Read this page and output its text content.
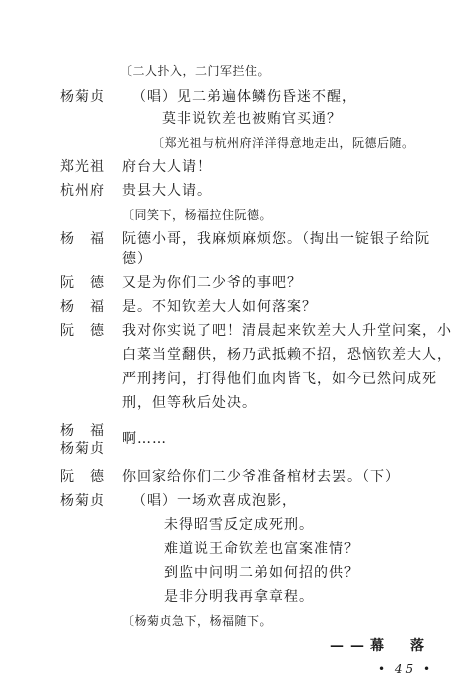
〔二人扑入，二门军拦住。
杨菊贞 （唱）见二弟遍体鳞伤昏迷不醒，
莫非说钦差也被贿官买通？
〔郑光祖与杭州府洋洋得意地走出，阮德后随。
郑光祖 府台大人请！
杭州府 贵县大人请。
〔同笑下，杨福拉住阮德。
杨　福 阮德小哥，我麻烦麻烦您。（掏出一锭银子给阮
德）
阮　德 又是为你们二少爷的事吧？
杨　福 是。不知钦差大人如何落案？
阮　德 我对你实说了吧！清晨起来钦差大人升堂问案，小
白菜当堂翻供，杨乃武抵赖不招，恐恼钦差大人，
严刑拷问，打得他们血肉皆飞，如今已然问成死
刑，但等秋后处决。
杨　福
杨菊贞
啊……
阮　德 你回家给你们二少爷准备棺材去罢。（下）
杨菊贞 （唱）一场欢喜成泡影，
未得昭雪反定成死刑。
难道说王命钦差也富案准情？
到监中问明二弟如何招的供？
是非分明我再拿章程。
〔杨菊贞急下，杨福随下。
——幕　落
• 45 •
